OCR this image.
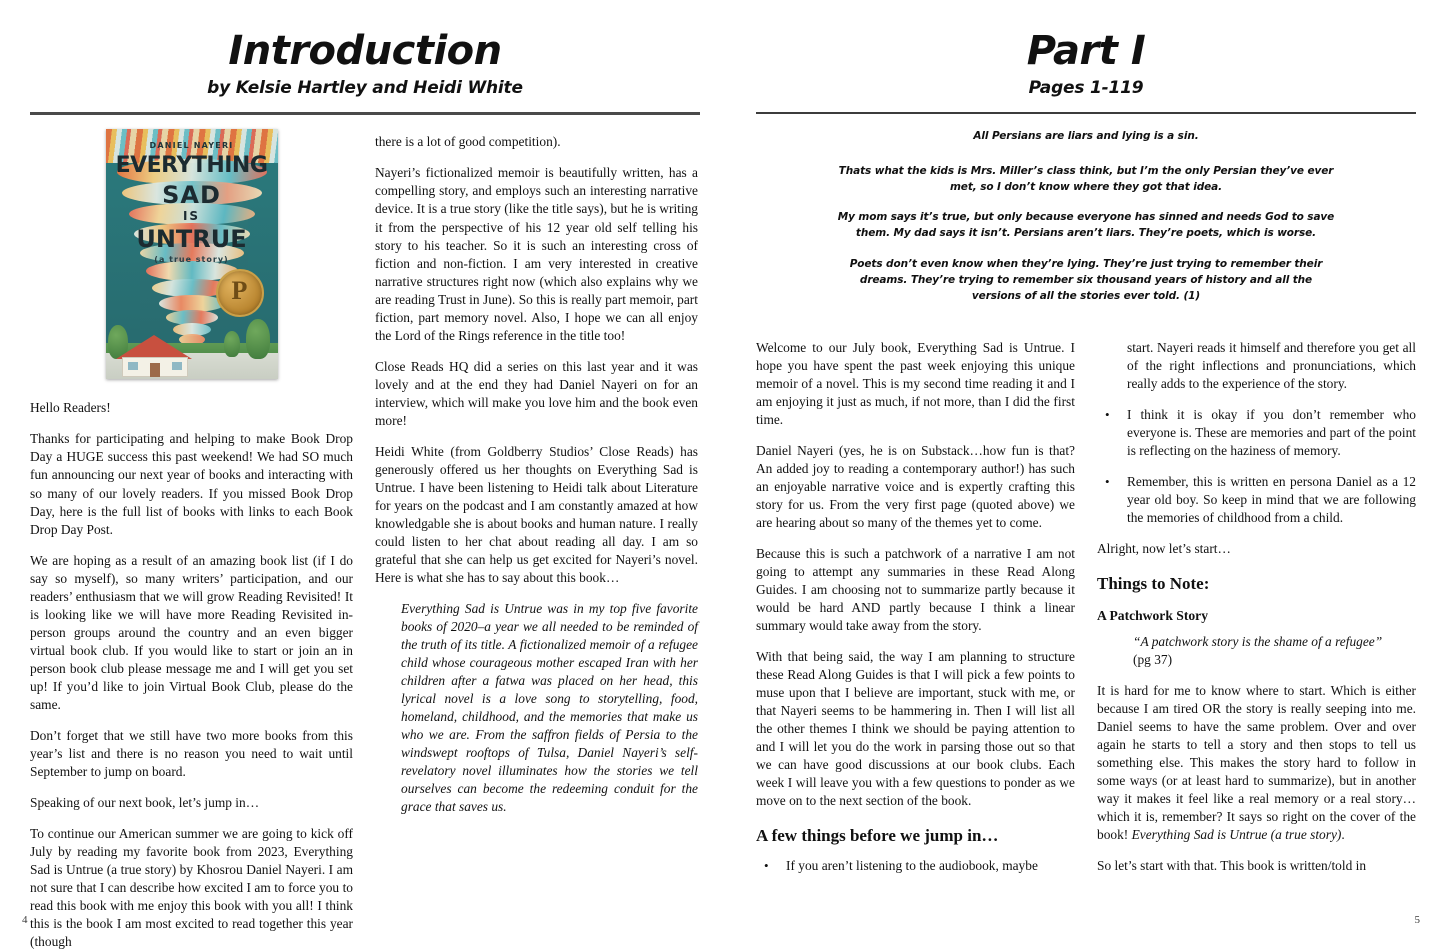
Introduction
by Kelsie Hartley and Heidi White
P
DANIEL NAYERI
EVERYTHING
SAD
IS
UNTRUE
(a true story)

Hello Readers!

Thanks for participating and helping to make Book Drop Day a HUGE success this past weekend! We had SO much fun announcing our next year of books and interacting with so many of our lovely readers. If you missed Book Drop Day, here is the full list of books with links to each Book Drop Day Post.

We are hoping as a result of an amazing book list (if I do say so myself), so many writers’ participation, and our readers’ enthusiasm that we will grow Reading Revisited! It is looking like we will have more Reading Revisited in-person groups around the country and an even bigger virtual book club. If you would like to start or join an in person book club please message me and I will get you set up! If you’d like to join Virtual Book Club, please do the same.

Don’t forget that we still have two more books from this year’s list and there is no reason you need to wait until September to jump on board.

Speaking of our next book, let’s jump in…

To continue our American summer we are going to kick off July by reading my favorite book from 2023, Everything Sad is Untrue (a true story) by Khosrou Daniel Nayeri. I am not sure that I can describe how excited I am to force you to read this book with me enjoy this book with you all! I think this is the book I am most excited to read together this year (though

there is a lot of good competition).

Nayeri’s fictionalized memoir is beautifully written, has a compelling story, and employs such an interesting narrative device. It is a true story (like the title says), but he is writing it from the perspective of his 12 year old self telling his story to his teacher. So it is such an interesting cross of fiction and non-fiction. I am very interested in creative narrative structures right now (which also explains why we are reading Trust in June). So this is really part memoir, part fiction, part memory novel. Also, I hope we can all enjoy the Lord of the Rings reference in the title too!

Close Reads HQ did a series on this last year and it was lovely and at the end they had Daniel Nayeri on for an interview, which will make you love him and the book even more!

Heidi White (from Goldberry Studios’ Close Reads) has generously offered us her thoughts on Everything Sad is Untrue. I have been listening to Heidi talk about Literature for years on the podcast and I am constantly amazed at how knowledgable she is about books and human nature. I really could listen to her chat about reading all day. I am so grateful that she can help us get excited for Nayeri’s novel. Here is what she has to say about this book…

Everything Sad is Untrue was in my top five favorite books of 2020–a year we all needed to be reminded of the truth of its title. A fictionalized memoir of a refugee child whose courageous mother escaped Iran with her children after a fatwa was placed on her head, this lyrical novel is a love song to storytelling, food, homeland, childhood, and the memories that make us who we are. From the saffron fields of Persia to the windswept rooftops of Tulsa, Daniel Nayeri’s self-revelatory novel illuminates how the stories we tell ourselves can become the redeeming conduit for the grace that saves us.

4
Part I
Pages 1-119

All Persians are liars and lying is a sin.

Thats what the kids is Mrs. Miller’s class think, but I’m the only Persian they’ve ever met, so I don’t know where they got that idea.

My mom says it’s true, but only because everyone has sinned and needs God to save them. My dad says it isn’t. Persians aren’t liars. They’re poets, which is worse.

Poets don’t even know when they’re lying. They’re just trying to remember their dreams. They’re trying to remember six thousand years of history and all the versions of all the stories ever told. (1)

Welcome to our July book, Everything Sad is Untrue. I hope you have spent the past week enjoying this unique memoir of a novel. This is my second time reading it and I am enjoying it just as much, if not more, than I did the first time.

Daniel Nayeri (yes, he is on Substack…how fun is that? An added joy to reading a contemporary author!) has such an enjoyable narrative voice and is expertly crafting this story for us. From the very first page (quoted above) we are hearing about so many of the themes yet to come.

Because this is such a patchwork of a narrative I am not going to attempt any summaries in these Read Along Guides. I am choosing not to summarize partly because it would be hard AND partly because I think a linear summary would take away from the story.

With that being said, the way I am planning to structure these Read Along Guides is that I will pick a few points to muse upon that I believe are important, stuck with me, or that Nayeri seems to be hammering in. Then I will list all the other themes I think we should be paying attention to and I will let you do the work in parsing those out so that we can have good discussions at our book clubs. Each week I will leave you with a few questions to ponder as we move on to the next section of the book.

A few things before we jump in…
• If you aren’t listening to the audiobook, maybe
start. Nayeri reads it himself and therefore you get all of the right inflections and pronunciations, which really adds to the experience of the story.
• I think it is okay if you don’t remember who everyone is. These are memories and part of the point is reflecting on the haziness of memory.
• Remember, this is written en persona Daniel as a 12 year old boy. So keep in mind that we are following the memories of childhood from a child.

Alright, now let’s start…

Things to Note:
A Patchwork Story
“A patchwork story is the shame of a refugee”
(pg 37)

It is hard for me to know where to start. Which is either because I am tired OR the story is really seeping into me. Daniel seems to have the same problem. Over and over again he starts to tell a story and then stops to tell us something else. This makes the story hard to follow in some ways (or at least hard to summarize), but in another way it makes it feel like a real memory or a real story…which it is, remember? It says so right on the cover of the book! Everything Sad is Untrue (a true story).

So let’s start with that. This book is written/told in

5
